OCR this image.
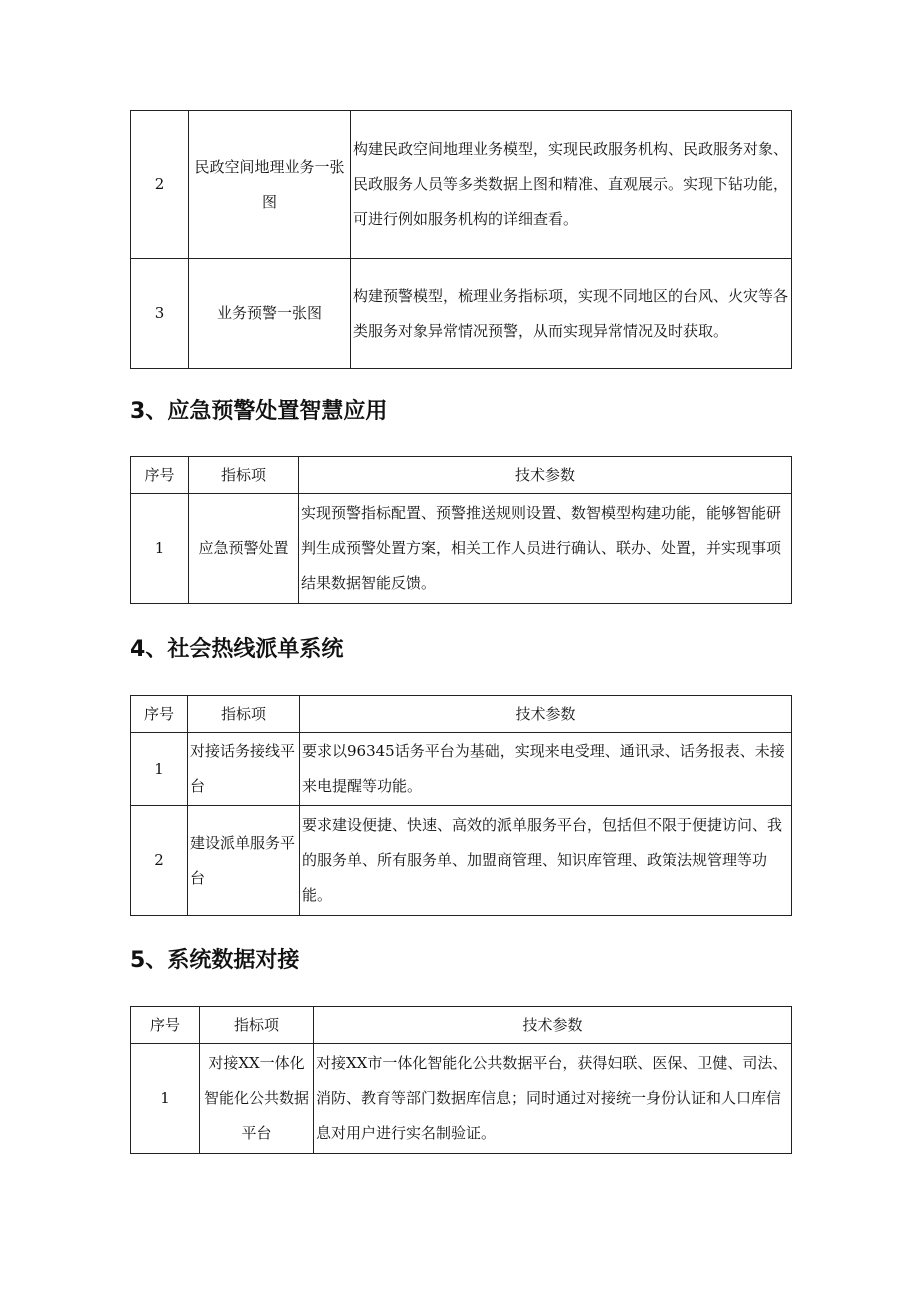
2	民政空间地理业务一张图	构建民政空间地理业务模型，实现民政服务机构、民政服务对象、民政服务人员等多类数据上图和精准、直观展示。实现下钻功能，可进行例如服务机构的详细查看。
3	业务预警一张图	构建预警模型，梳理业务指标项，实现不同地区的台风、火灾等各类服务对象异常情况预警，从而实现异常情况及时获取。
3、应急预警处置智慧应用
序号	指标项	技术参数
1	应急预警处置	实现预警指标配置、预警推送规则设置、数智模型构建功能，能够智能研判生成预警处置方案，相关工作人员进行确认、联办、处置，并实现事项结果数据智能反馈。
4、社会热线派单系统
序号	指标项	技术参数
1	对接话务接线平台	要求以96345话务平台为基础，实现来电受理、通讯录、话务报表、未接来电提醒等功能。
2	建设派单服务平台	要求建设便捷、快速、高效的派单服务平台，包括但不限于便捷访问、我的服务单、所有服务单、加盟商管理、知识库管理、政策法规管理等功能。
5、系统数据对接
序号	指标项	技术参数
1	对接XX一体化智能化公共数据平台	对接XX市一体化智能化公共数据平台，获得妇联、医保、卫健、司法、消防、教育等部门数据库信息；同时通过对接统一身份认证和人口库信息对用户进行实名制验证。
